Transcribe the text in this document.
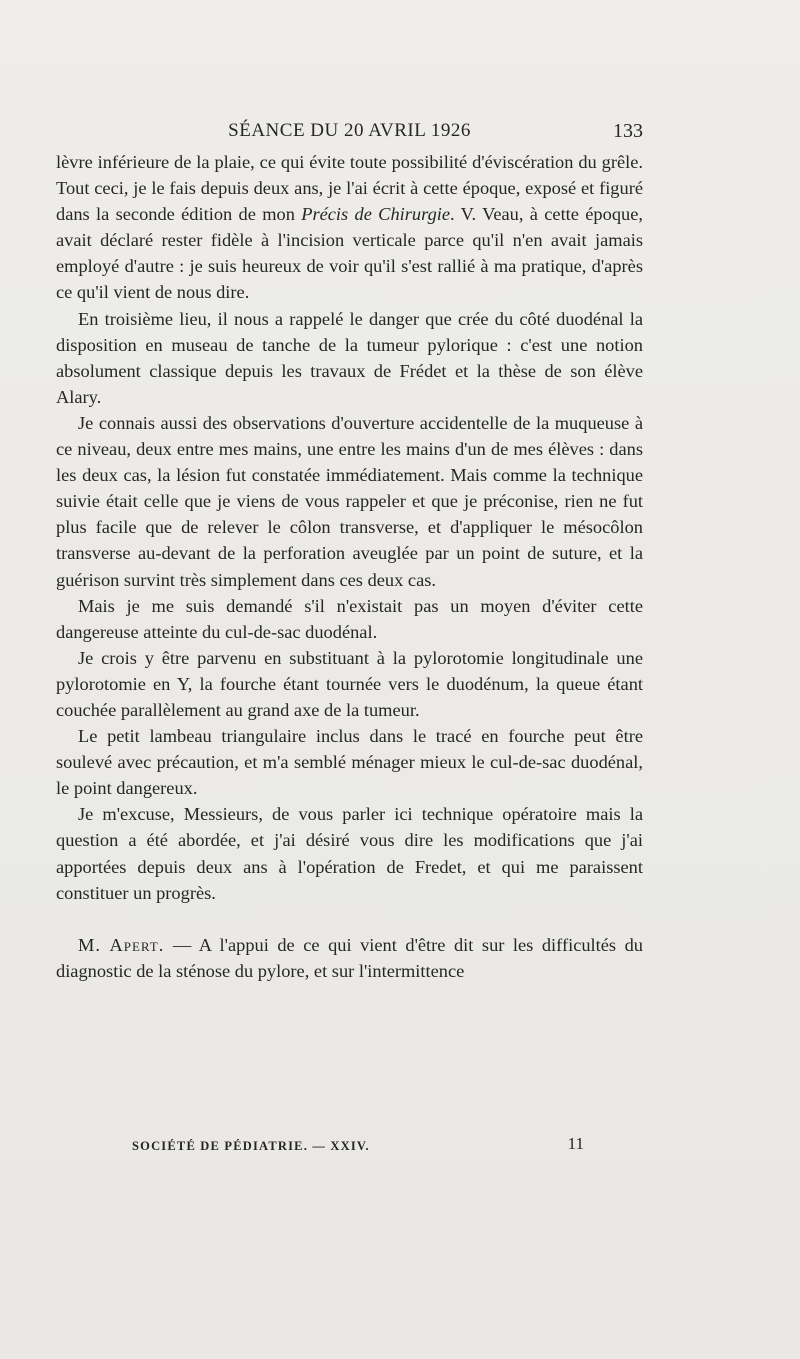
SÉANCE DU 20 AVRIL 1926	133

lèvre inférieure de la plaie, ce qui évite toute possibilité d'éviscération du grêle. Tout ceci, je le fais depuis deux ans, je l'ai écrit à cette époque, exposé et figuré dans la seconde édition de mon Précis de Chirurgie. V. Veau, à cette époque, avait déclaré rester fidèle à l'incision verticale parce qu'il n'en avait jamais employé d'autre : je suis heureux de voir qu'il s'est rallié à ma pratique, d'après ce qu'il vient de nous dire.

En troisième lieu, il nous a rappelé le danger que crée du côté duodénal la disposition en museau de tanche de la tumeur pylorique : c'est une notion absolument classique depuis les travaux de Frédet et la thèse de son élève Alary.

Je connais aussi des observations d'ouverture accidentelle de la muqueuse à ce niveau, deux entre mes mains, une entre les mains d'un de mes élèves : dans les deux cas, la lésion fut constatée immédiatement. Mais comme la technique suivie était celle que je viens de vous rappeler et que je préconise, rien ne fut plus facile que de relever le côlon transverse, et d'appliquer le mésocôlon transverse au-devant de la perforation aveuglée par un point de suture, et la guérison survint très simplement dans ces deux cas.

Mais je me suis demandé s'il n'existait pas un moyen d'éviter cette dangereuse atteinte du cul-de-sac duodénal.

Je crois y être parvenu en substituant à la pylorotomie longitudinale une pylorotomie en Y, la fourche étant tournée vers le duodénum, la queue étant couchée parallèlement au grand axe de la tumeur.

Le petit lambeau triangulaire inclus dans le tracé en fourche peut être soulevé avec précaution, et m'a semblé ménager mieux le cul-de-sac duodénal, le point dangereux.

Je m'excuse, Messieurs, de vous parler ici technique opératoire mais la question a été abordée, et j'ai désiré vous dire les modifications que j'ai apportées depuis deux ans à l'opération de Fredet, et qui me paraissent constituer un progrès.

M. Apert. — A l'appui de ce qui vient d'être dit sur les difficultés du diagnostic de la sténose du pylore, et sur l'intermittence

SOCIÉTÉ DE PÉDIATRIE. — XXIV.	11
